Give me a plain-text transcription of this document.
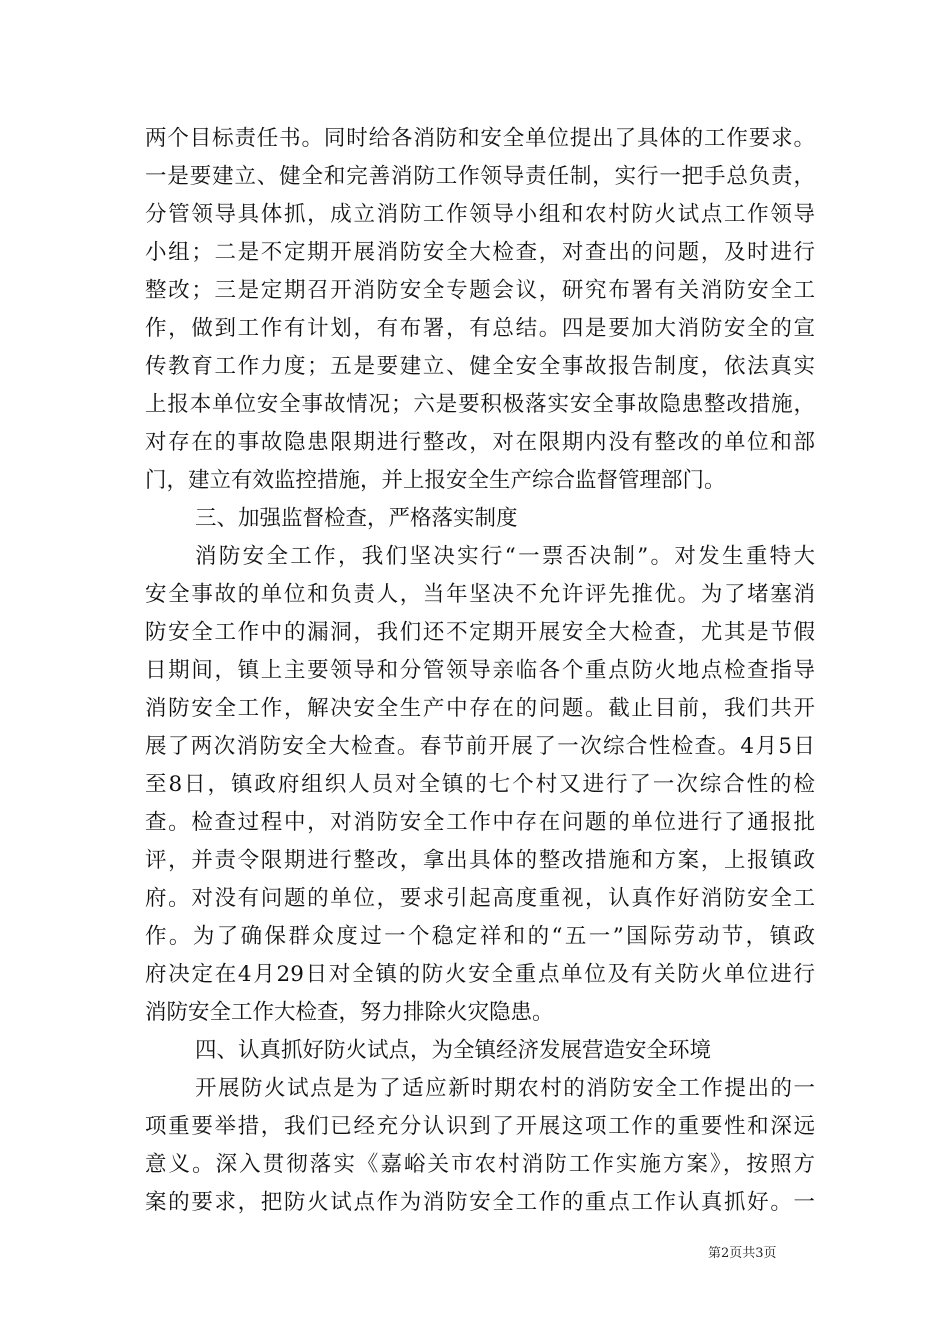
两个目标责任书。同时给各消防和安全单位提出了具体的工作要求。
一是要建立、健全和完善消防工作领导责任制，实行一把手总负责，
分管领导具体抓，成立消防工作领导小组和农村防火试点工作领导
小组；二是不定期开展消防安全大检查，对查出的问题，及时进行
整改；三是定期召开消防安全专题会议，研究布署有关消防安全工
作，做到工作有计划，有布署，有总结。四是要加大消防安全的宣
传教育工作力度；五是要建立、健全安全事故报告制度，依法真实
上报本单位安全事故情况；六是要积极落实安全事故隐患整改措施，
对存在的事故隐患限期进行整改，对在限期内没有整改的单位和部
门，建立有效监控措施，并上报安全生产综合监督管理部门。
三、加强监督检查，严格落实制度
消防安全工作，我们坚决实行“一票否决制”。对发生重特大
安全事故的单位和负责人，当年坚决不允许评先推优。为了堵塞消
防安全工作中的漏洞，我们还不定期开展安全大检查，尤其是节假
日期间，镇上主要领导和分管领导亲临各个重点防火地点检查指导
消防安全工作，解决安全生产中存在的问题。截止目前，我们共开
展了两次消防安全大检查。春节前开展了一次综合性检查。4月5日
至8日，镇政府组织人员对全镇的七个村又进行了一次综合性的检
查。检查过程中，对消防安全工作中存在问题的单位进行了通报批
评，并责令限期进行整改，拿出具体的整改措施和方案，上报镇政
府。对没有问题的单位，要求引起高度重视，认真作好消防安全工
作。为了确保群众度过一个稳定祥和的“五一”国际劳动节，镇政
府决定在4月29日对全镇的防火安全重点单位及有关防火单位进行
消防安全工作大检查，努力排除火灾隐患。
四、认真抓好防火试点，为全镇经济发展营造安全环境
开展防火试点是为了适应新时期农村的消防安全工作提出的一
项重要举措，我们已经充分认识到了开展这项工作的重要性和深远
意义。深入贯彻落实《嘉峪关市农村消防工作实施方案》，按照方
案的要求，把防火试点作为消防安全工作的重点工作认真抓好。一
第2页共3页
